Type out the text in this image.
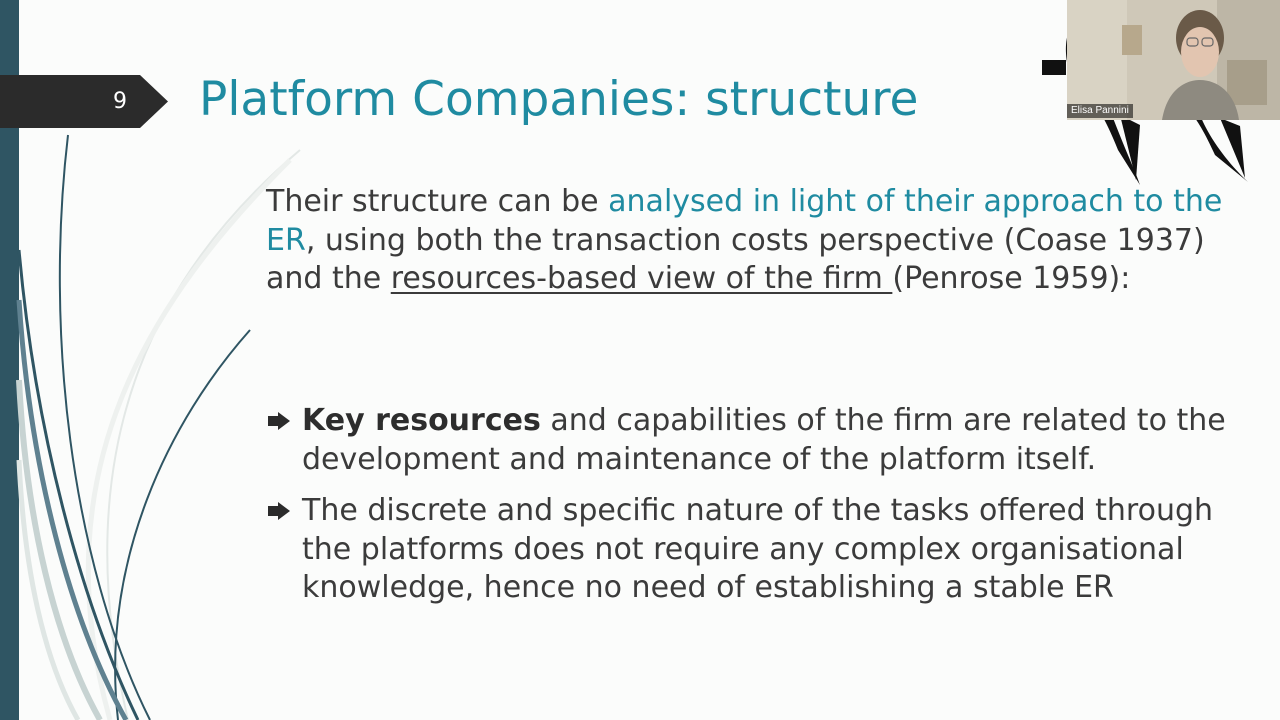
9 Platform Companies: structure
Their structure can be analysed in light of their approach to the ER, using both the transaction costs perspective (Coase 1937) and the resources-based view of the firm (Penrose 1959):
Key resources and capabilities of the firm are related to the development and maintenance of the platform itself.
The discrete and specific nature of the tasks offered through the platforms does not require any complex organisational knowledge, hence no need of establishing a stable ER
Elisa Pannini
